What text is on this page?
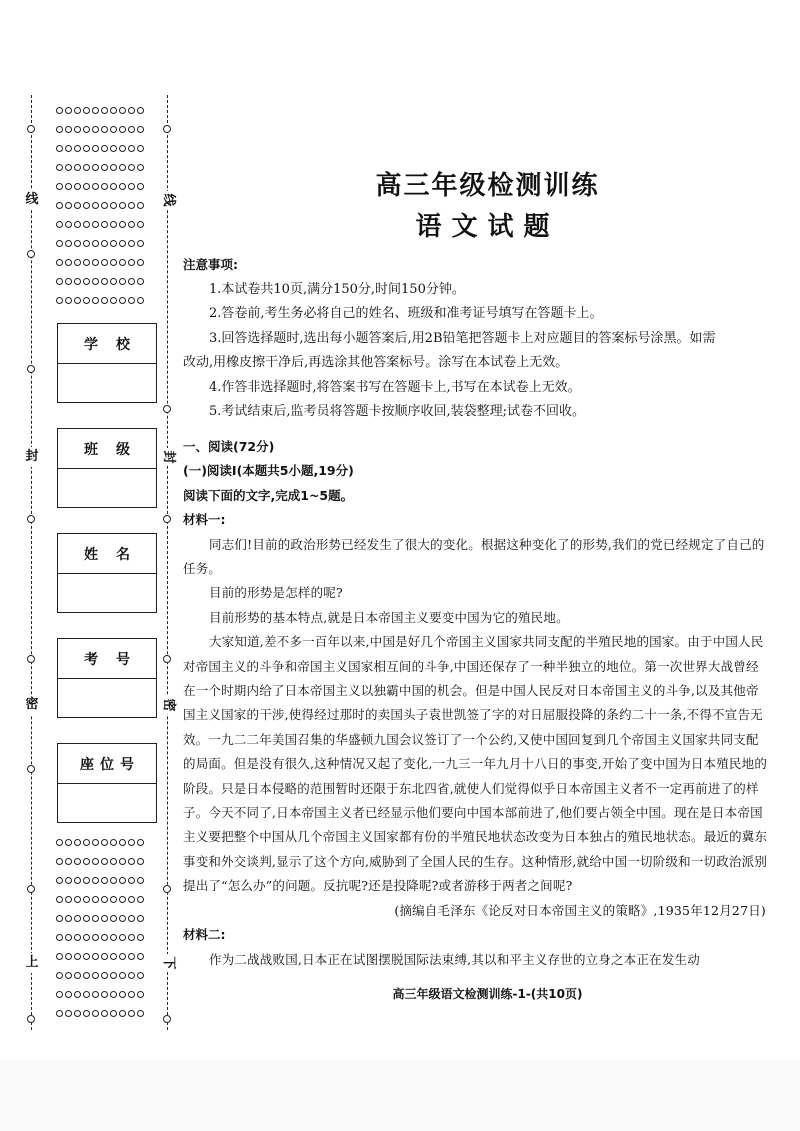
线
封
密
上
线
封
密
下
学校
班级
姓名
考号
座位号
高三年级检测训练
语文试题

注意事项:

1.本试卷共10页,满分150分,时间150分钟。

2.答卷前,考生务必将自己的姓名、班级和准考证号填写在答题卡上。

3.回答选择题时,选出每小题答案后,用2B铅笔把答题卡上对应题目的答案标号涂黑。如需

改动,用橡皮擦干净后,再选涂其他答案标号。涂写在本试卷上无效。

4.作答非选择题时,将答案书写在答题卡上,书写在本试卷上无效。

5.考试结束后,监考员将答题卡按顺序收回,装袋整理;试卷不回收。

一、阅读(72分)

(一)阅读Ⅰ(本题共5小题,19分)

阅读下面的文字,完成1~5题。

材料一:

同志们!目前的政治形势已经发生了很大的变化。根据这种变化了的形势,我们的党已经规定了自己的任务。

目前的形势是怎样的呢?

目前形势的基本特点,就是日本帝国主义要变中国为它的殖民地。

大家知道,差不多一百年以来,中国是好几个帝国主义国家共同支配的半殖民地的国家。由于中国人民对帝国主义的斗争和帝国主义国家相互间的斗争,中国还保存了一种半独立的地位。第一次世界大战曾经在一个时期内给了日本帝国主义以独霸中国的机会。但是中国人民反对日本帝国主义的斗争,以及其他帝国主义国家的干涉,使得经过那时的卖国头子袁世凯签了字的对日屈服投降的条约二十一条,不得不宣告无效。一九二二年美国召集的华盛顿九国会议签订了一个公约,又使中国回复到几个帝国主义国家共同支配的局面。但是没有很久,这种情况又起了变化,一九三一年九月十八日的事变,开始了变中国为日本殖民地的阶段。只是日本侵略的范围暂时还限于东北四省,就使人们觉得似乎日本帝国主义者不一定再前进了的样子。今天不同了,日本帝国主义者已经显示他们要向中国本部前进了,他们要占领全中国。现在是日本帝国主义要把整个中国从几个帝国主义国家都有份的半殖民地状态改变为日本独占的殖民地状态。最近的冀东事变和外交谈判,显示了这个方向,威胁到了全国人民的生存。这种情形,就给中国一切阶级和一切政治派别提出了“怎么办”的问题。反抗呢?还是投降呢?或者游移于两者之间呢?

(摘编自毛泽东《论反对日本帝国主义的策略》,1935年12月27日)

材料二:

作为二战战败国,日本正在试图摆脱国际法束缚,其以和平主义存世的立身之本正在发生动

高三年级语文检测训练-1-(共10页)
